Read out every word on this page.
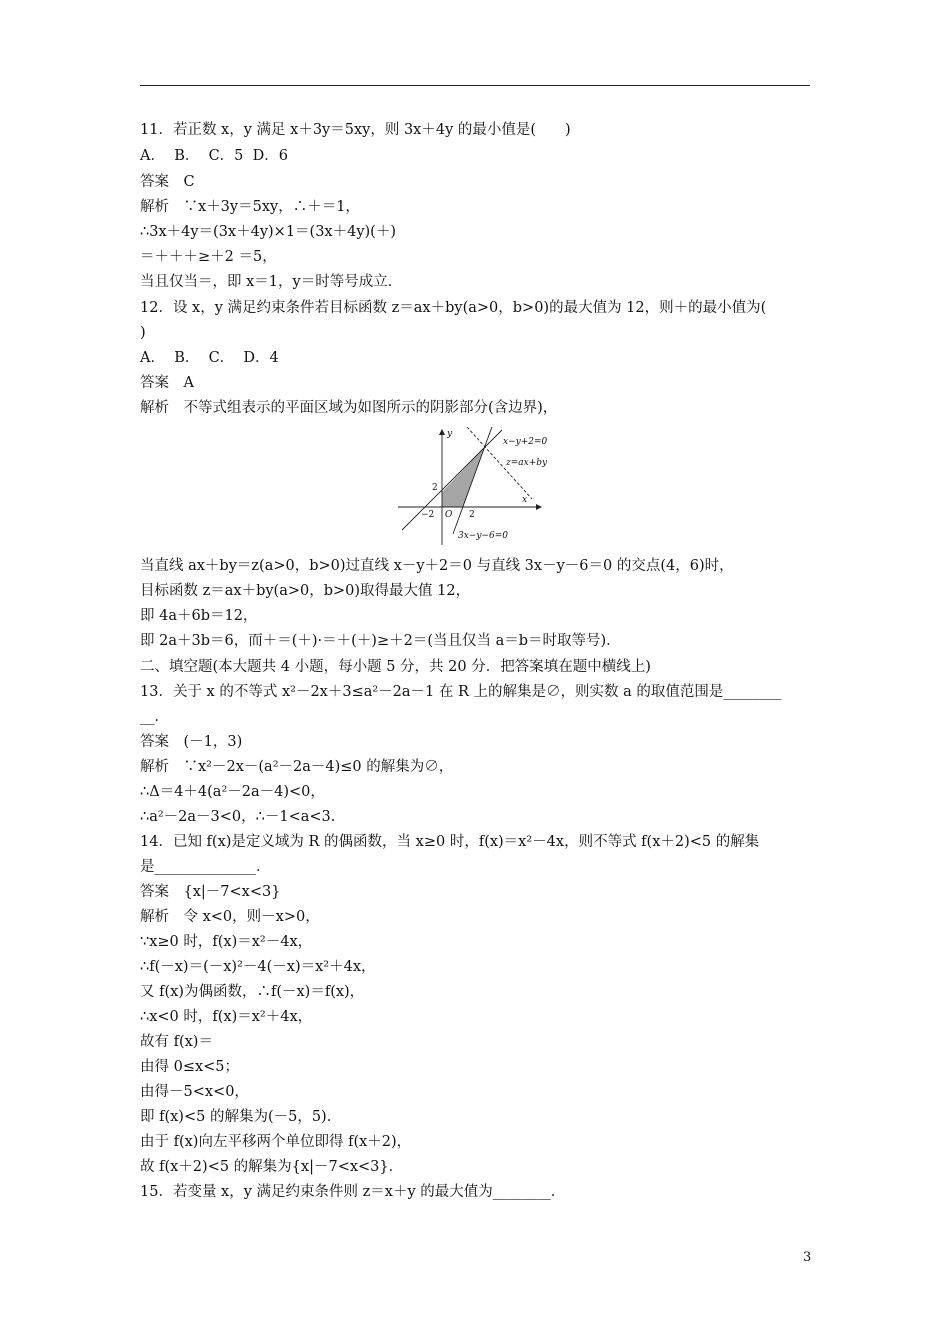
11．若正数 x，y 满足 x＋3y＝5xy，则 3x＋4y 的最小值是(　　)
A．  B．  C．5  D．6
答案　C
解析　∵x＋3y＝5xy，∴＋＝1，
∴3x＋4y＝(3x＋4y)×1＝(3x＋4y)(＋)
＝＋＋＋≥＋2 ＝5，
当且仅当＝，即 x＝1，y＝时等号成立．
12．设 x，y 满足约束条件若目标函数 z＝ax＋by(a>0，b>0)的最大值为 12，则＋的最小值为(
)
A．  B．  C．  D．4
答案　A
解析　不等式组表示的平面区域为如图所示的阴影部分(含边界)，
y
x
x−y+2=0
z=ax+by
3x−y−6=0
2
−2 O 2
当直线 ax＋by＝z(a>0，b>0)过直线 x－y＋2＝0 与直线 3x－y－6＝0 的交点(4，6)时，
目标函数 z＝ax＋by(a>0，b>0)取得最大值 12，
即 4a＋6b＝12，
即 2a＋3b＝6，而＋＝(＋)·＝＋(＋)≥＋2＝(当且仅当 a＝b＝时取等号)．
二、填空题(本大题共 4 小题，每小题 5 分，共 20 分．把答案填在题中横线上)
13．关于 x 的不等式 x²－2x＋3≤a²－2a－1 在 R 上的解集是∅，则实数 a 的取值范围是________
__．
答案　(－1，3)
解析　∵x²－2x－(a²－2a－4)≤0 的解集为∅，
∴Δ＝4＋4(a²－2a－4)<0，
∴a²－2a－3<0，∴－1<a<3.
14．已知 f(x)是定义域为 R 的偶函数，当 x≥0 时，f(x)＝x²－4x，则不等式 f(x＋2)<5 的解集
是______________．
答案　{x|－7<x<3}
解析　令 x<0，则－x>0，
∵x≥0 时，f(x)＝x²－4x，
∴f(－x)＝(－x)²－4(－x)＝x²＋4x，
又 f(x)为偶函数，∴f(－x)＝f(x)，
∴x<0 时，f(x)＝x²＋4x，
故有 f(x)＝
由得 0≤x<5；
由得－5<x<0，
即 f(x)<5 的解集为(－5，5)．
由于 f(x)向左平移两个单位即得 f(x＋2)，
故 f(x＋2)<5 的解集为{x|－7<x<3}．
15．若变量 x，y 满足约束条件则 z＝x＋y 的最大值为________．
3
